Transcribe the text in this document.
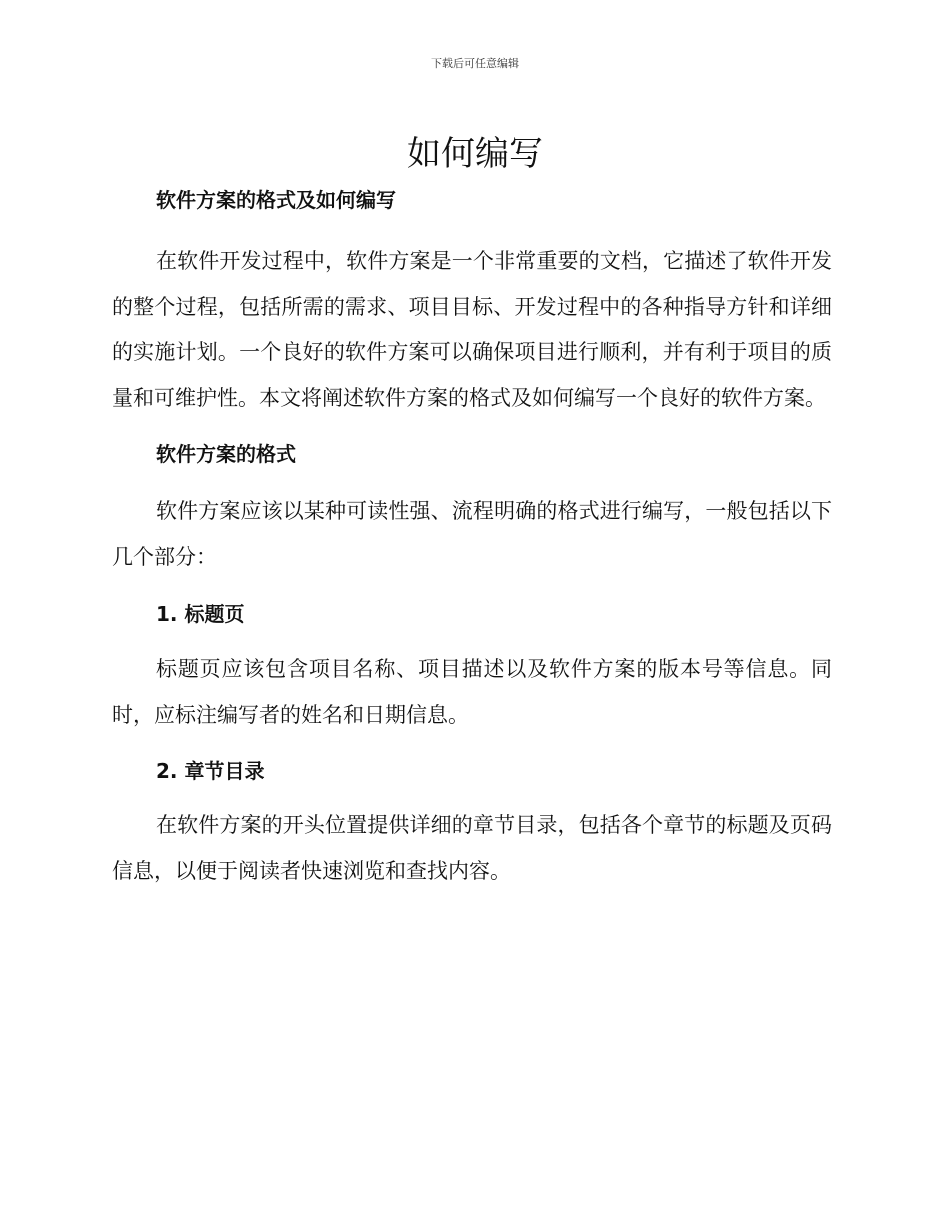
下载后可任意编辑
如何编写
软件方案的格式及如何编写

在软件开发过程中，软件方案是一个非常重要的文档，它描述了软件开发的整个过程，包括所需的需求、项目目标、开发过程中的各种指导方针和详细的实施计划。一个良好的软件方案可以确保项目进行顺利，并有利于项目的质量和可维护性。本文将阐述软件方案的格式及如何编写一个良好的软件方案。

软件方案的格式

软件方案应该以某种可读性强、流程明确的格式进行编写，一般包括以下几个部分：

1. 标题页

标题页应该包含项目名称、项目描述以及软件方案的版本号等信息。同时，应标注编写者的姓名和日期信息。

2. 章节目录

在软件方案的开头位置提供详细的章节目录，包括各个章节的标题及页码信息，以便于阅读者快速浏览和查找内容。
